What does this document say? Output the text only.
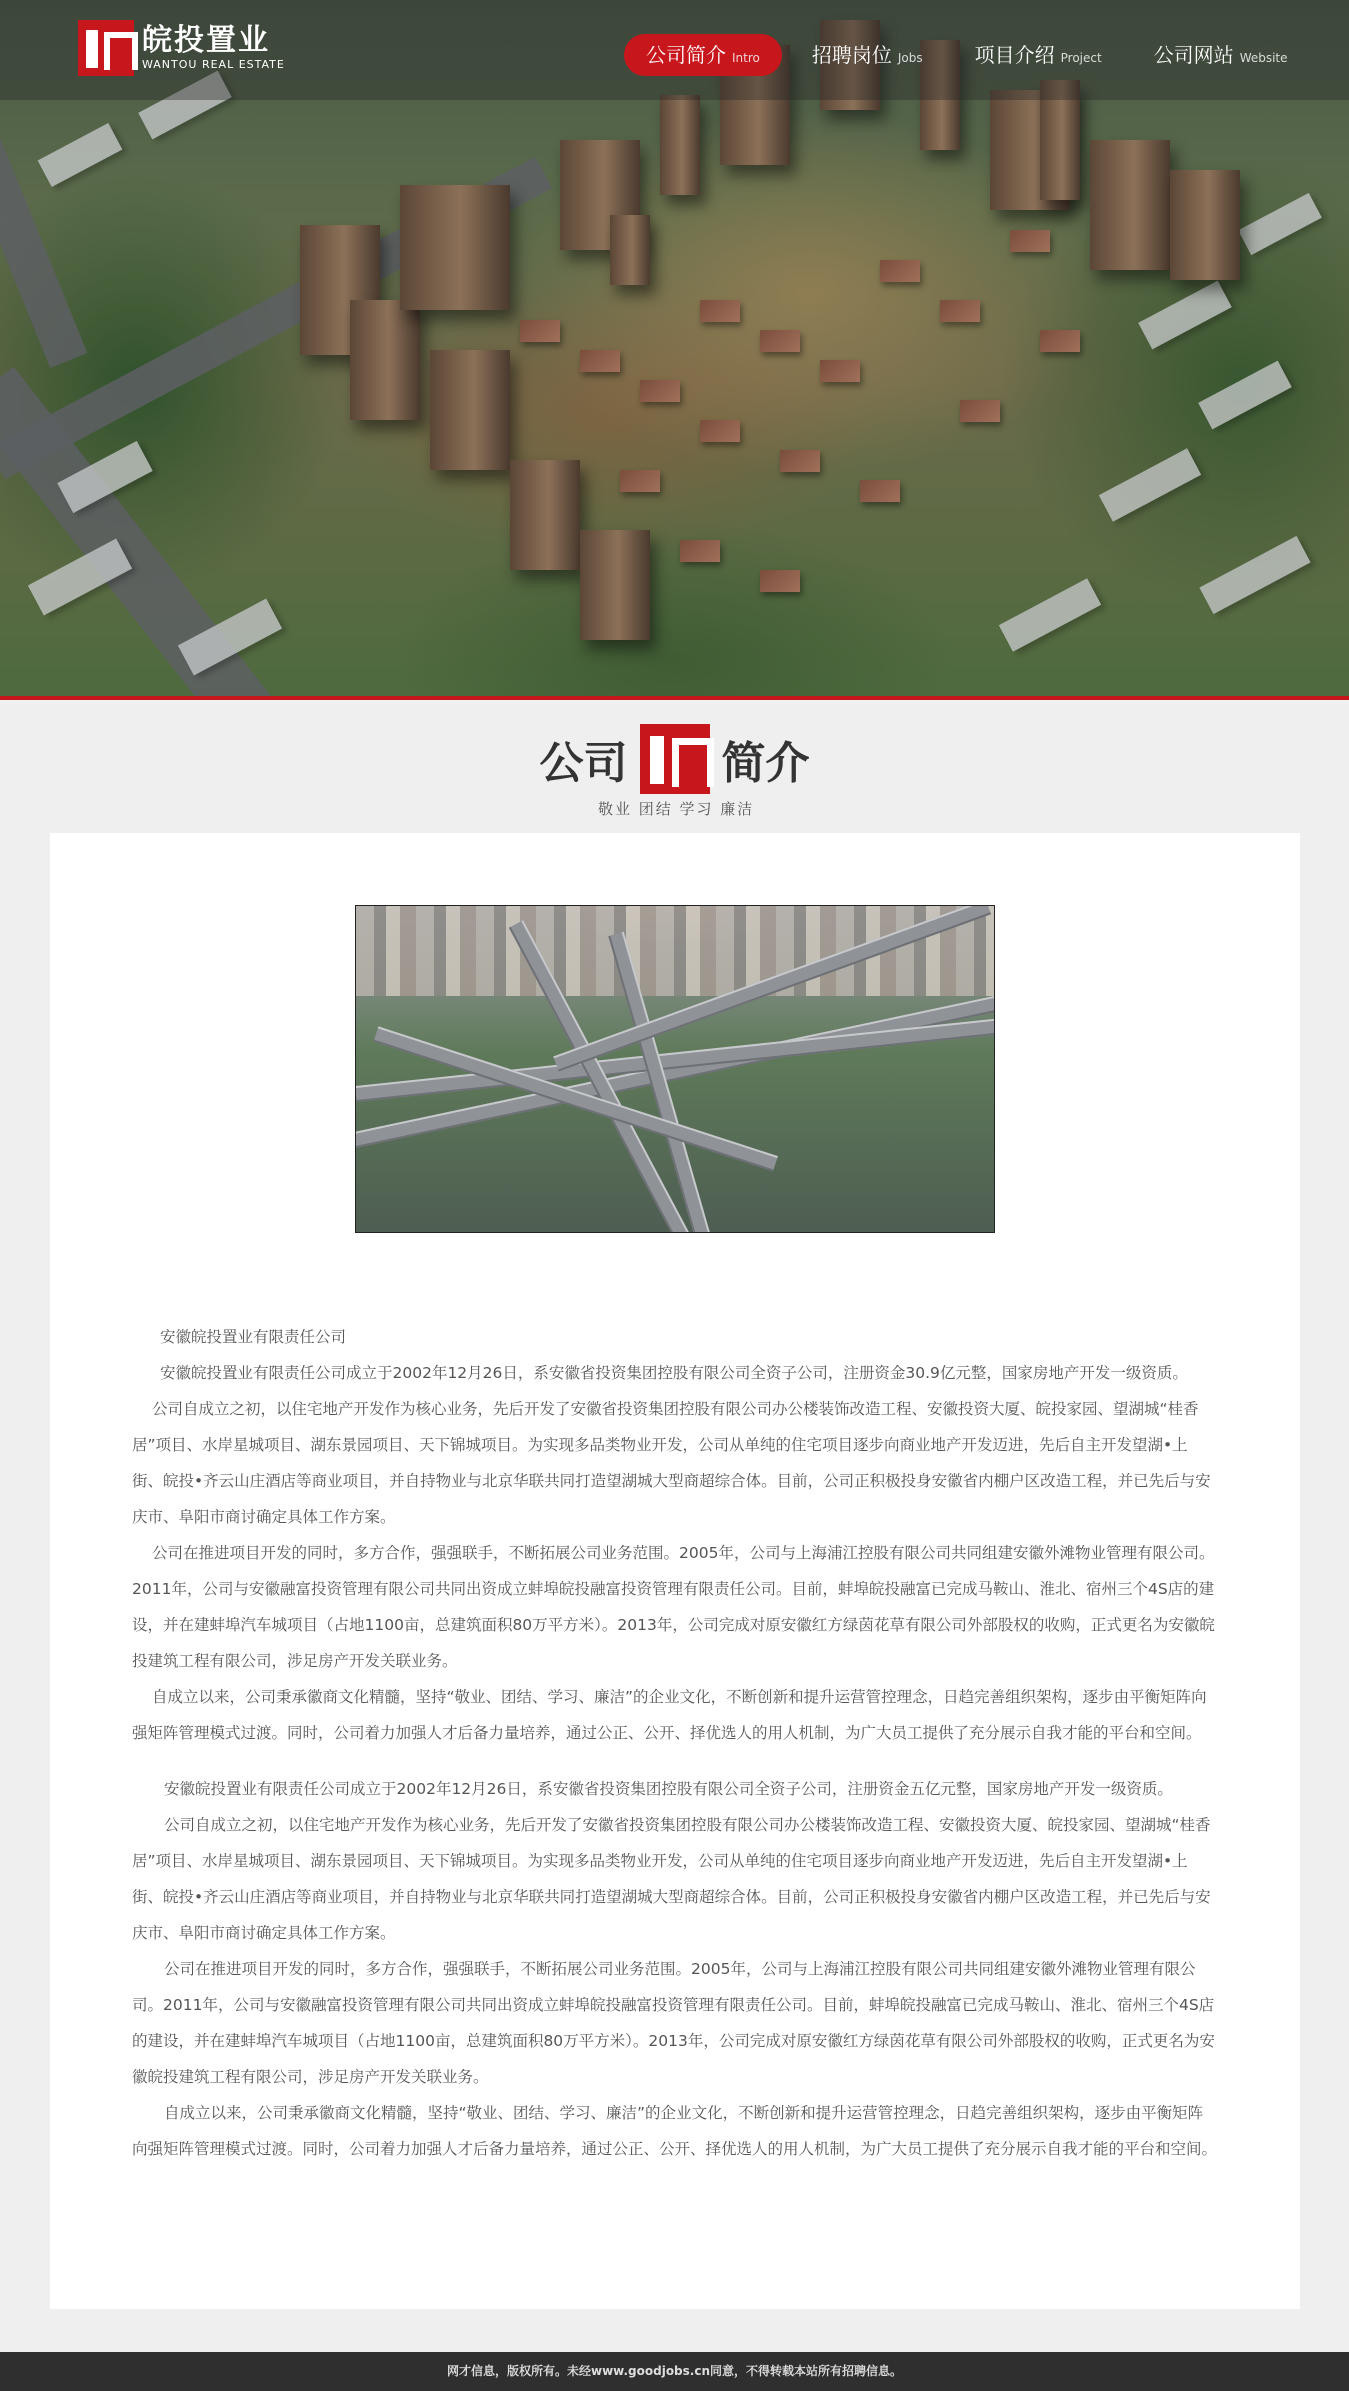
皖投置业
WANTOU REAL ESTATE	公司简介 Intro	招聘岗位 Jobs	项目介绍 Project	公司网站 Website
公司 简介
敬业 团结 学习 廉洁

安徽皖投置业有限责任公司

安徽皖投置业有限责任公司成立于2002年12月26日，系安徽省投资集团控股有限公司全资子公司，注册资金30.9亿元整，国家房地产开发一级资质。

公司自成立之初，以住宅地产开发作为核心业务，先后开发了安徽省投资集团控股有限公司办公楼装饰改造工程、安徽投资大厦、皖投家园、望湖城“桂香居”项目、水岸星城项目、湖东景园项目、天下锦城项目。为实现多品类物业开发，公司从单纯的住宅项目逐步向商业地产开发迈进，先后自主开发望湖•上街、皖投•齐云山庄酒店等商业项目，并自持物业与北京华联共同打造望湖城大型商超综合体。目前，公司正积极投身安徽省内棚户区改造工程，并已先后与安庆市、阜阳市商讨确定具体工作方案。

公司在推进项目开发的同时，多方合作，强强联手，不断拓展公司业务范围。2005年，公司与上海浦江控股有限公司共同组建安徽外滩物业管理有限公司。2011年，公司与安徽融富投资管理有限公司共同出资成立蚌埠皖投融富投资管理有限责任公司。目前，蚌埠皖投融富已完成马鞍山、淮北、宿州三个4S店的建设，并在建蚌埠汽车城项目（占地1100亩，总建筑面积80万平方米）。2013年，公司完成对原安徽红方绿茵花草有限公司外部股权的收购，正式更名为安徽皖投建筑工程有限公司，涉足房产开发关联业务。

自成立以来，公司秉承徽商文化精髓，坚持“敬业、团结、学习、廉洁”的企业文化，不断创新和提升运营管控理念，日趋完善组织架构，逐步由平衡矩阵向强矩阵管理模式过渡。同时，公司着力加强人才后备力量培养，通过公正、公开、择优选人的用人机制，为广大员工提供了充分展示自我才能的平台和空间。

安徽皖投置业有限责任公司成立于2002年12月26日，系安徽省投资集团控股有限公司全资子公司，注册资金五亿元整，国家房地产开发一级资质。

公司自成立之初，以住宅地产开发作为核心业务，先后开发了安徽省投资集团控股有限公司办公楼装饰改造工程、安徽投资大厦、皖投家园、望湖城“桂香居”项目、水岸星城项目、湖东景园项目、天下锦城项目。为实现多品类物业开发，公司从单纯的住宅项目逐步向商业地产开发迈进，先后自主开发望湖•上街、皖投•齐云山庄酒店等商业项目，并自持物业与北京华联共同打造望湖城大型商超综合体。目前，公司正积极投身安徽省内棚户区改造工程，并已先后与安庆市、阜阳市商讨确定具体工作方案。

公司在推进项目开发的同时，多方合作，强强联手，不断拓展公司业务范围。2005年，公司与上海浦江控股有限公司共同组建安徽外滩物业管理有限公司。2011年，公司与安徽融富投资管理有限公司共同出资成立蚌埠皖投融富投资管理有限责任公司。目前，蚌埠皖投融富已完成马鞍山、淮北、宿州三个4S店的建设，并在建蚌埠汽车城项目（占地1100亩，总建筑面积80万平方米）。2013年，公司完成对原安徽红方绿茵花草有限公司外部股权的收购，正式更名为安徽皖投建筑工程有限公司，涉足房产开发关联业务。

自成立以来，公司秉承徽商文化精髓，坚持“敬业、团结、学习、廉洁”的企业文化，不断创新和提升运营管控理念，日趋完善组织架构，逐步由平衡矩阵向强矩阵管理模式过渡。同时，公司着力加强人才后备力量培养，通过公正、公开、择优选人的用人机制，为广大员工提供了充分展示自我才能的平台和空间。

网才信息，版权所有。未经www.goodjobs.cn同意，不得转载本站所有招聘信息。
